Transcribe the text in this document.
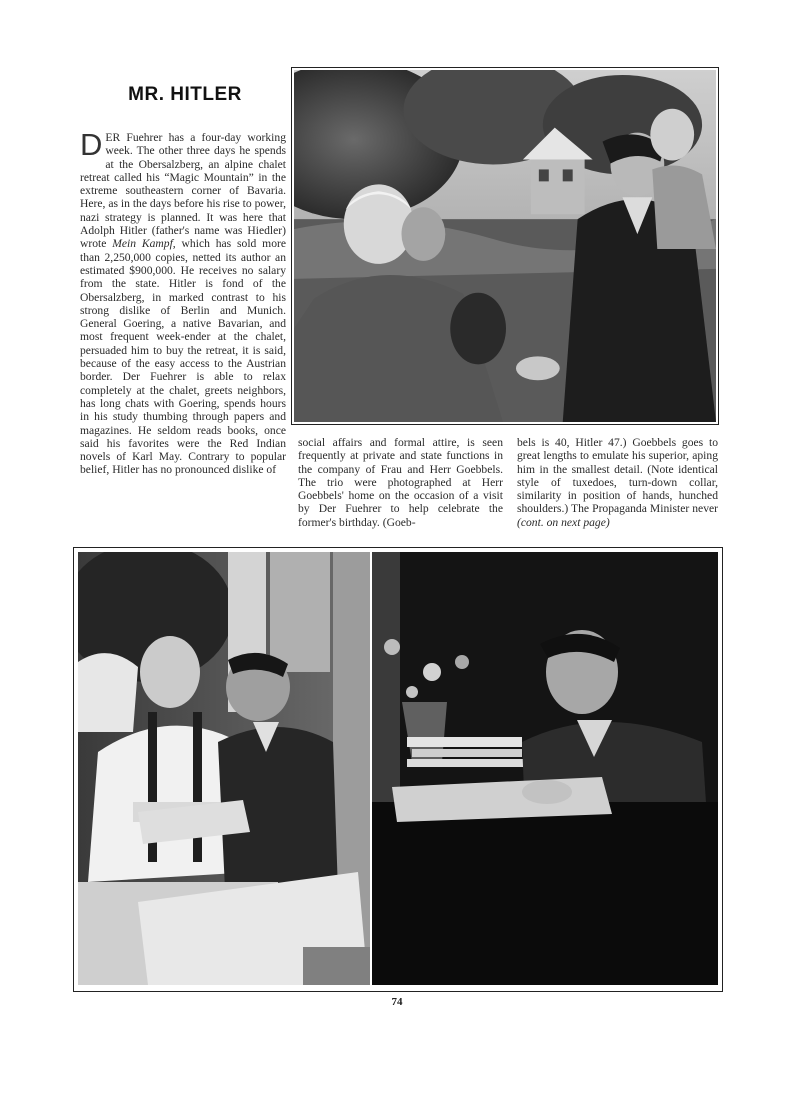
MR. HITLER

DER Fuehrer has a four-day working week. The other three days he spends at the Obersalzberg, an alpine chalet retreat called his “Magic Mountain” in the extreme southeastern corner of Bavaria. Here, as in the days before his rise to power, nazi strategy is planned. It was here that Adolph Hitler (father's name was Hiedler) wrote Mein Kampf, which has sold more than 2,250,000 copies, netted its author an estimated $900,000. He receives no salary from the state. Hitler is fond of the Obersalzberg, in marked contrast to his strong dislike of Berlin and Munich. General Goering, a native Bavarian, and most frequent week-ender at the chalet, persuaded him to buy the retreat, it is said, because of the easy access to the Austrian border. Der Fuehrer is able to relax completely at the chalet, greets neighbors, has long chats with Goering, spends hours in his study thumbing through papers and magazines. He seldom reads books, once said his favorites were the Red Indian novels of Karl May. Contrary to popular belief, Hitler has no pronounced dislike of

social affairs and formal attire, is seen frequently at private and state functions in the company of Frau and Herr Goebbels. The trio were photographed at Herr Goebbels' home on the occasion of a visit by Der Fuehrer to help celebrate the former's birthday. (Goeb-

bels is 40, Hitler 47.) Goebbels goes to great lengths to emulate his superior, aping him in the smallest detail. (Note identical style of tuxedoes, turn-down collar, similarity in position of hands, hunched shoulders.) The Propaganda Minister never (cont. on next page)

74
